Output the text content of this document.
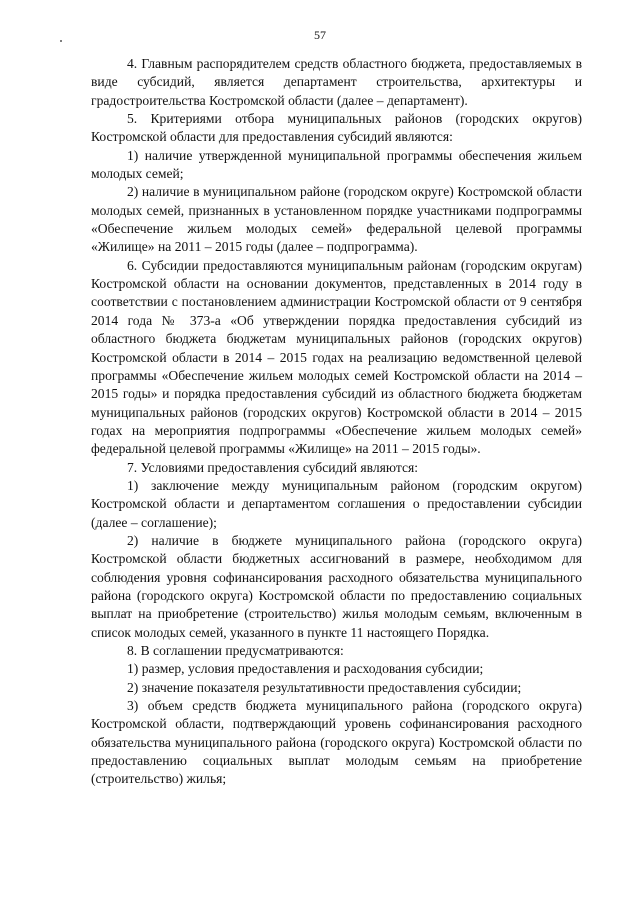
57

4. Главным распорядителем средств областного бюджета, предоставляемых в виде субсидий, является департамент строительства, архитектуры и градостроительства Костромской области (далее – департамент).

5. Критериями отбора муниципальных районов (городских округов) Костромской области для предоставления субсидий являются:

1) наличие утвержденной муниципальной программы обеспечения жильем молодых семей;

2) наличие в муниципальном районе (городском округе) Костромской области молодых семей, признанных в установленном порядке участниками подпрограммы «Обеспечение жильем молодых семей» федеральной целевой программы «Жилище» на 2011 – 2015 годы (далее – подпрограмма).

6. Субсидии предоставляются муниципальным районам (городским округам) Костромской области на основании документов, представленных в 2014 году в соответствии с постановлением администрации Костромской области от 9 сентября 2014 года № 373-а «Об утверждении порядка предоставления субсидий из областного бюджета бюджетам муниципальных районов (городских округов) Костромской области в 2014 – 2015 годах на реализацию ведомственной целевой программы «Обеспечение жильем молодых семей Костромской области на 2014 – 2015 годы» и порядка предоставления субсидий из областного бюджета бюджетам муниципальных районов (городских округов) Костромской области в 2014 – 2015 годах на мероприятия подпрограммы «Обеспечение жильем молодых семей» федеральной целевой программы «Жилище» на 2011 – 2015 годы».

7. Условиями предоставления субсидий являются:

1) заключение между муниципальным районом (городским округом) Костромской области и департаментом соглашения о предоставлении субсидии (далее – соглашение);

2) наличие в бюджете муниципального района (городского округа) Костромской области бюджетных ассигнований в размере, необходимом для соблюдения уровня софинансирования расходного обязательства муниципального района (городского округа) Костромской области по предоставлению социальных выплат на приобретение (строительство) жилья молодым семьям, включенным в список молодых семей, указанного в пункте 11 настоящего Порядка.

8. В соглашении предусматриваются:

1) размер, условия предоставления и расходования субсидии;

2) значение показателя результативности предоставления субсидии;

3) объем средств бюджета муниципального района (городского округа) Костромской области, подтверждающий уровень софинансирования расходного обязательства муниципального района (городского округа) Костромской области по предоставлению социальных выплат молодым семьям на приобретение (строительство) жилья;
